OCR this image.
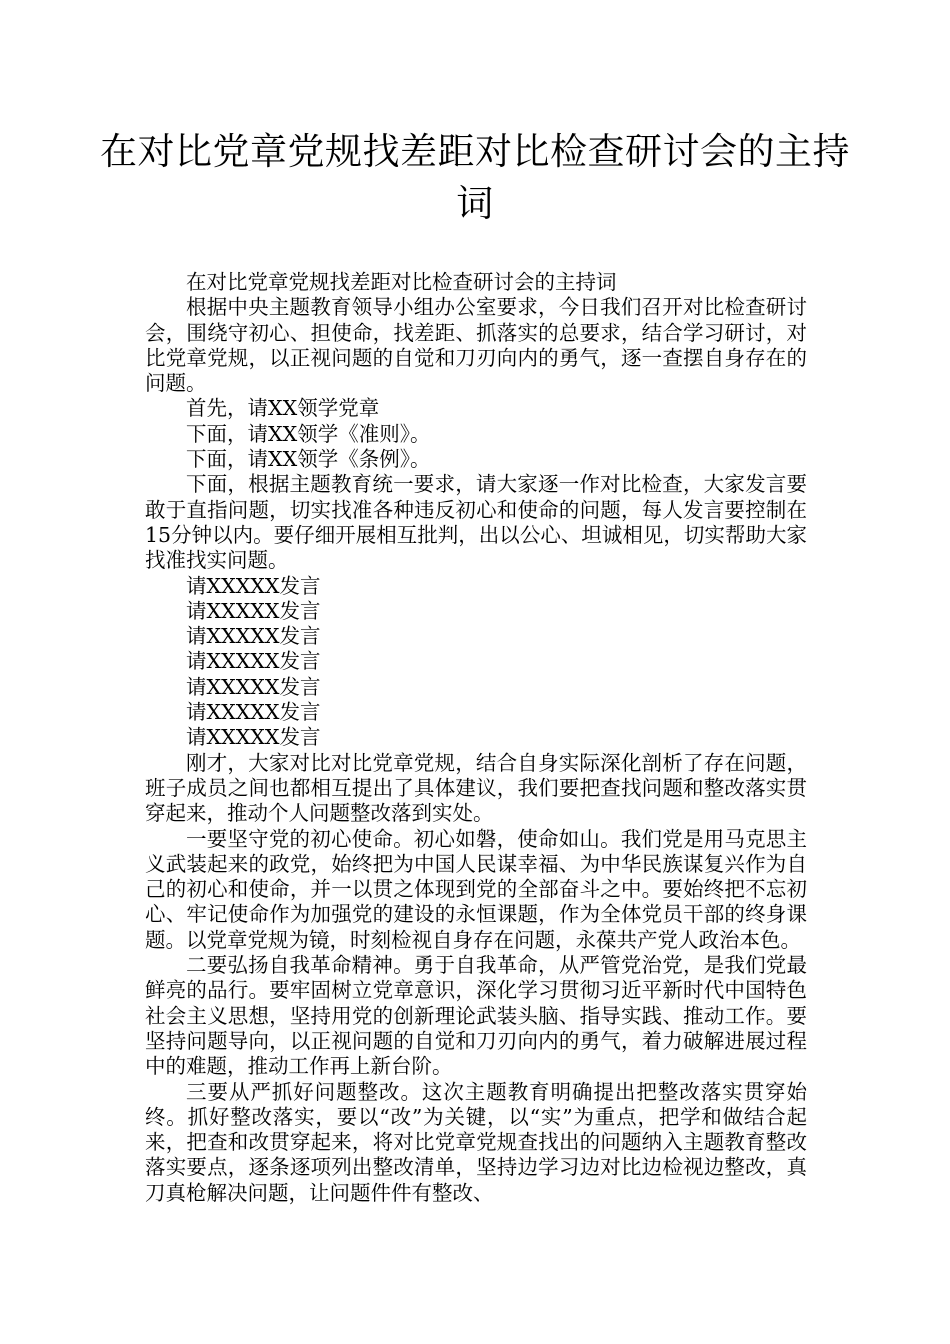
在对比党章党规找差距对比检查研讨会的主持词

在对比党章党规找差距对比检查研讨会的主持词

根据中央主题教育领导小组办公室要求，今日我们召开对比检查研讨会，围绕守初心、担使命，找差距、抓落实的总要求，结合学习研讨，对比党章党规，以正视问题的自觉和刀刃向内的勇气，逐一查摆自身存在的问题。

首先，请XX领学党章

下面，请XX领学《准则》。

下面，请XX领学《条例》。

下面，根据主题教育统一要求，请大家逐一作对比检查，大家发言要敢于直指问题，切实找准各种违反初心和使命的问题，每人发言要控制在15分钟以内。要仔细开展相互批判，出以公心、坦诚相见，切实帮助大家找准找实问题。

请XXXXX发言

请XXXXX发言

请XXXXX发言

请XXXXX发言

请XXXXX发言

请XXXXX发言

请XXXXX发言

刚才，大家对比对比党章党规，结合自身实际深化剖析了存在问题，班子成员之间也都相互提出了具体建议，我们要把查找问题和整改落实贯穿起来，推动个人问题整改落到实处。

一要坚守党的初心使命。初心如磐，使命如山。我们党是用马克思主义武装起来的政党，始终把为中国人民谋幸福、为中华民族谋复兴作为自己的初心和使命，并一以贯之体现到党的全部奋斗之中。要始终把不忘初心、牢记使命作为加强党的建设的永恒课题，作为全体党员干部的终身课题。以党章党规为镜，时刻检视自身存在问题，永葆共产党人政治本色。

二要弘扬自我革命精神。勇于自我革命，从严管党治党，是我们党最鲜亮的品行。要牢固树立党章意识，深化学习贯彻习近平新时代中国特色社会主义思想，坚持用党的创新理论武装头脑、指导实践、推动工作。要坚持问题导向，以正视问题的自觉和刀刃向内的勇气，着力破解进展过程中的难题，推动工作再上新台阶。

三要从严抓好问题整改。这次主题教育明确提出把整改落实贯穿始终。抓好整改落实，要以“改”为关键，以“实”为重点，把学和做结合起来，把查和改贯穿起来，将对比党章党规查找出的问题纳入主题教育整改落实要点，逐条逐项列出整改清单，坚持边学习边对比边检视边整改，真刀真枪解决问题，让问题件件有整改、
